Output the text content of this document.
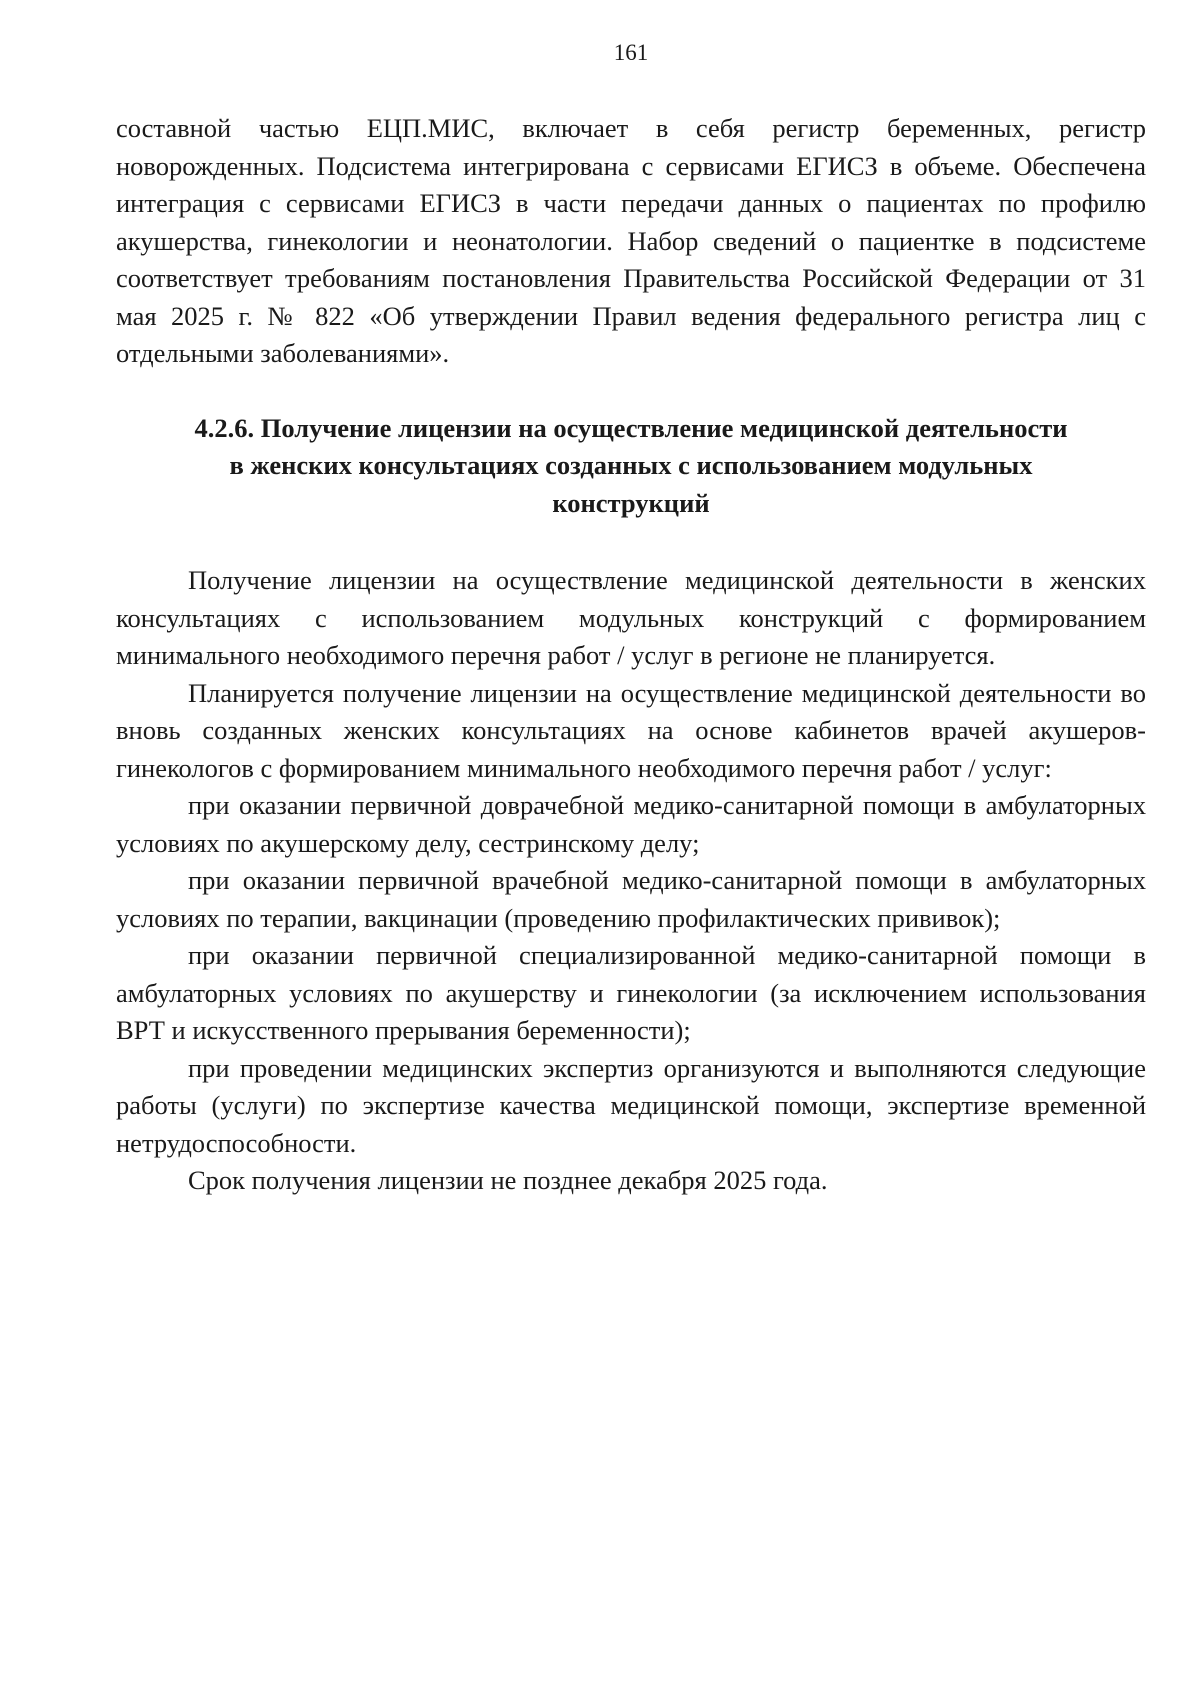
161

составной частью ЕЦП.МИС, включает в себя регистр беременных, регистр новорожденных. Подсистема интегрирована с сервисами ЕГИСЗ в объеме. Обеспечена интеграция с сервисами ЕГИСЗ в части передачи данных о пациентах по профилю акушерства, гинекологии и неонатологии. Набор сведений о пациентке в подсистеме соответствует требованиям постановления Правительства Российской Федерации от 31 мая 2025 г. № 822 «Об утверждении Правил ведения федерального регистра лиц с отдельными заболеваниями».

4.2.6. Получение лицензии на осуществление медицинской деятельности
в женских консультациях созданных с использованием модульных
конструкций

Получение лицензии на осуществление медицинской деятельности в женских консультациях с использованием модульных конструкций с формированием минимального необходимого перечня работ / услуг в регионе не планируется.

Планируется получение лицензии на осуществление медицинской деятельности во вновь созданных женских консультациях на основе кабинетов врачей акушеров-гинекологов с формированием минимального необходимого перечня работ / услуг:

при оказании первичной доврачебной медико-санитарной помощи в амбулаторных условиях по акушерскому делу, сестринскому делу;

при оказании первичной врачебной медико-санитарной помощи в амбулаторных условиях по терапии, вакцинации (проведению профилактических прививок);

при оказании первичной специализированной медико-санитарной помощи в амбулаторных условиях по акушерству и гинекологии (за исключением использования ВРТ и искусственного прерывания беременности);

при проведении медицинских экспертиз организуются и выполняются следующие работы (услуги) по экспертизе качества медицинской помощи, экспертизе временной нетрудоспособности.

Срок получения лицензии не позднее декабря 2025 года.
